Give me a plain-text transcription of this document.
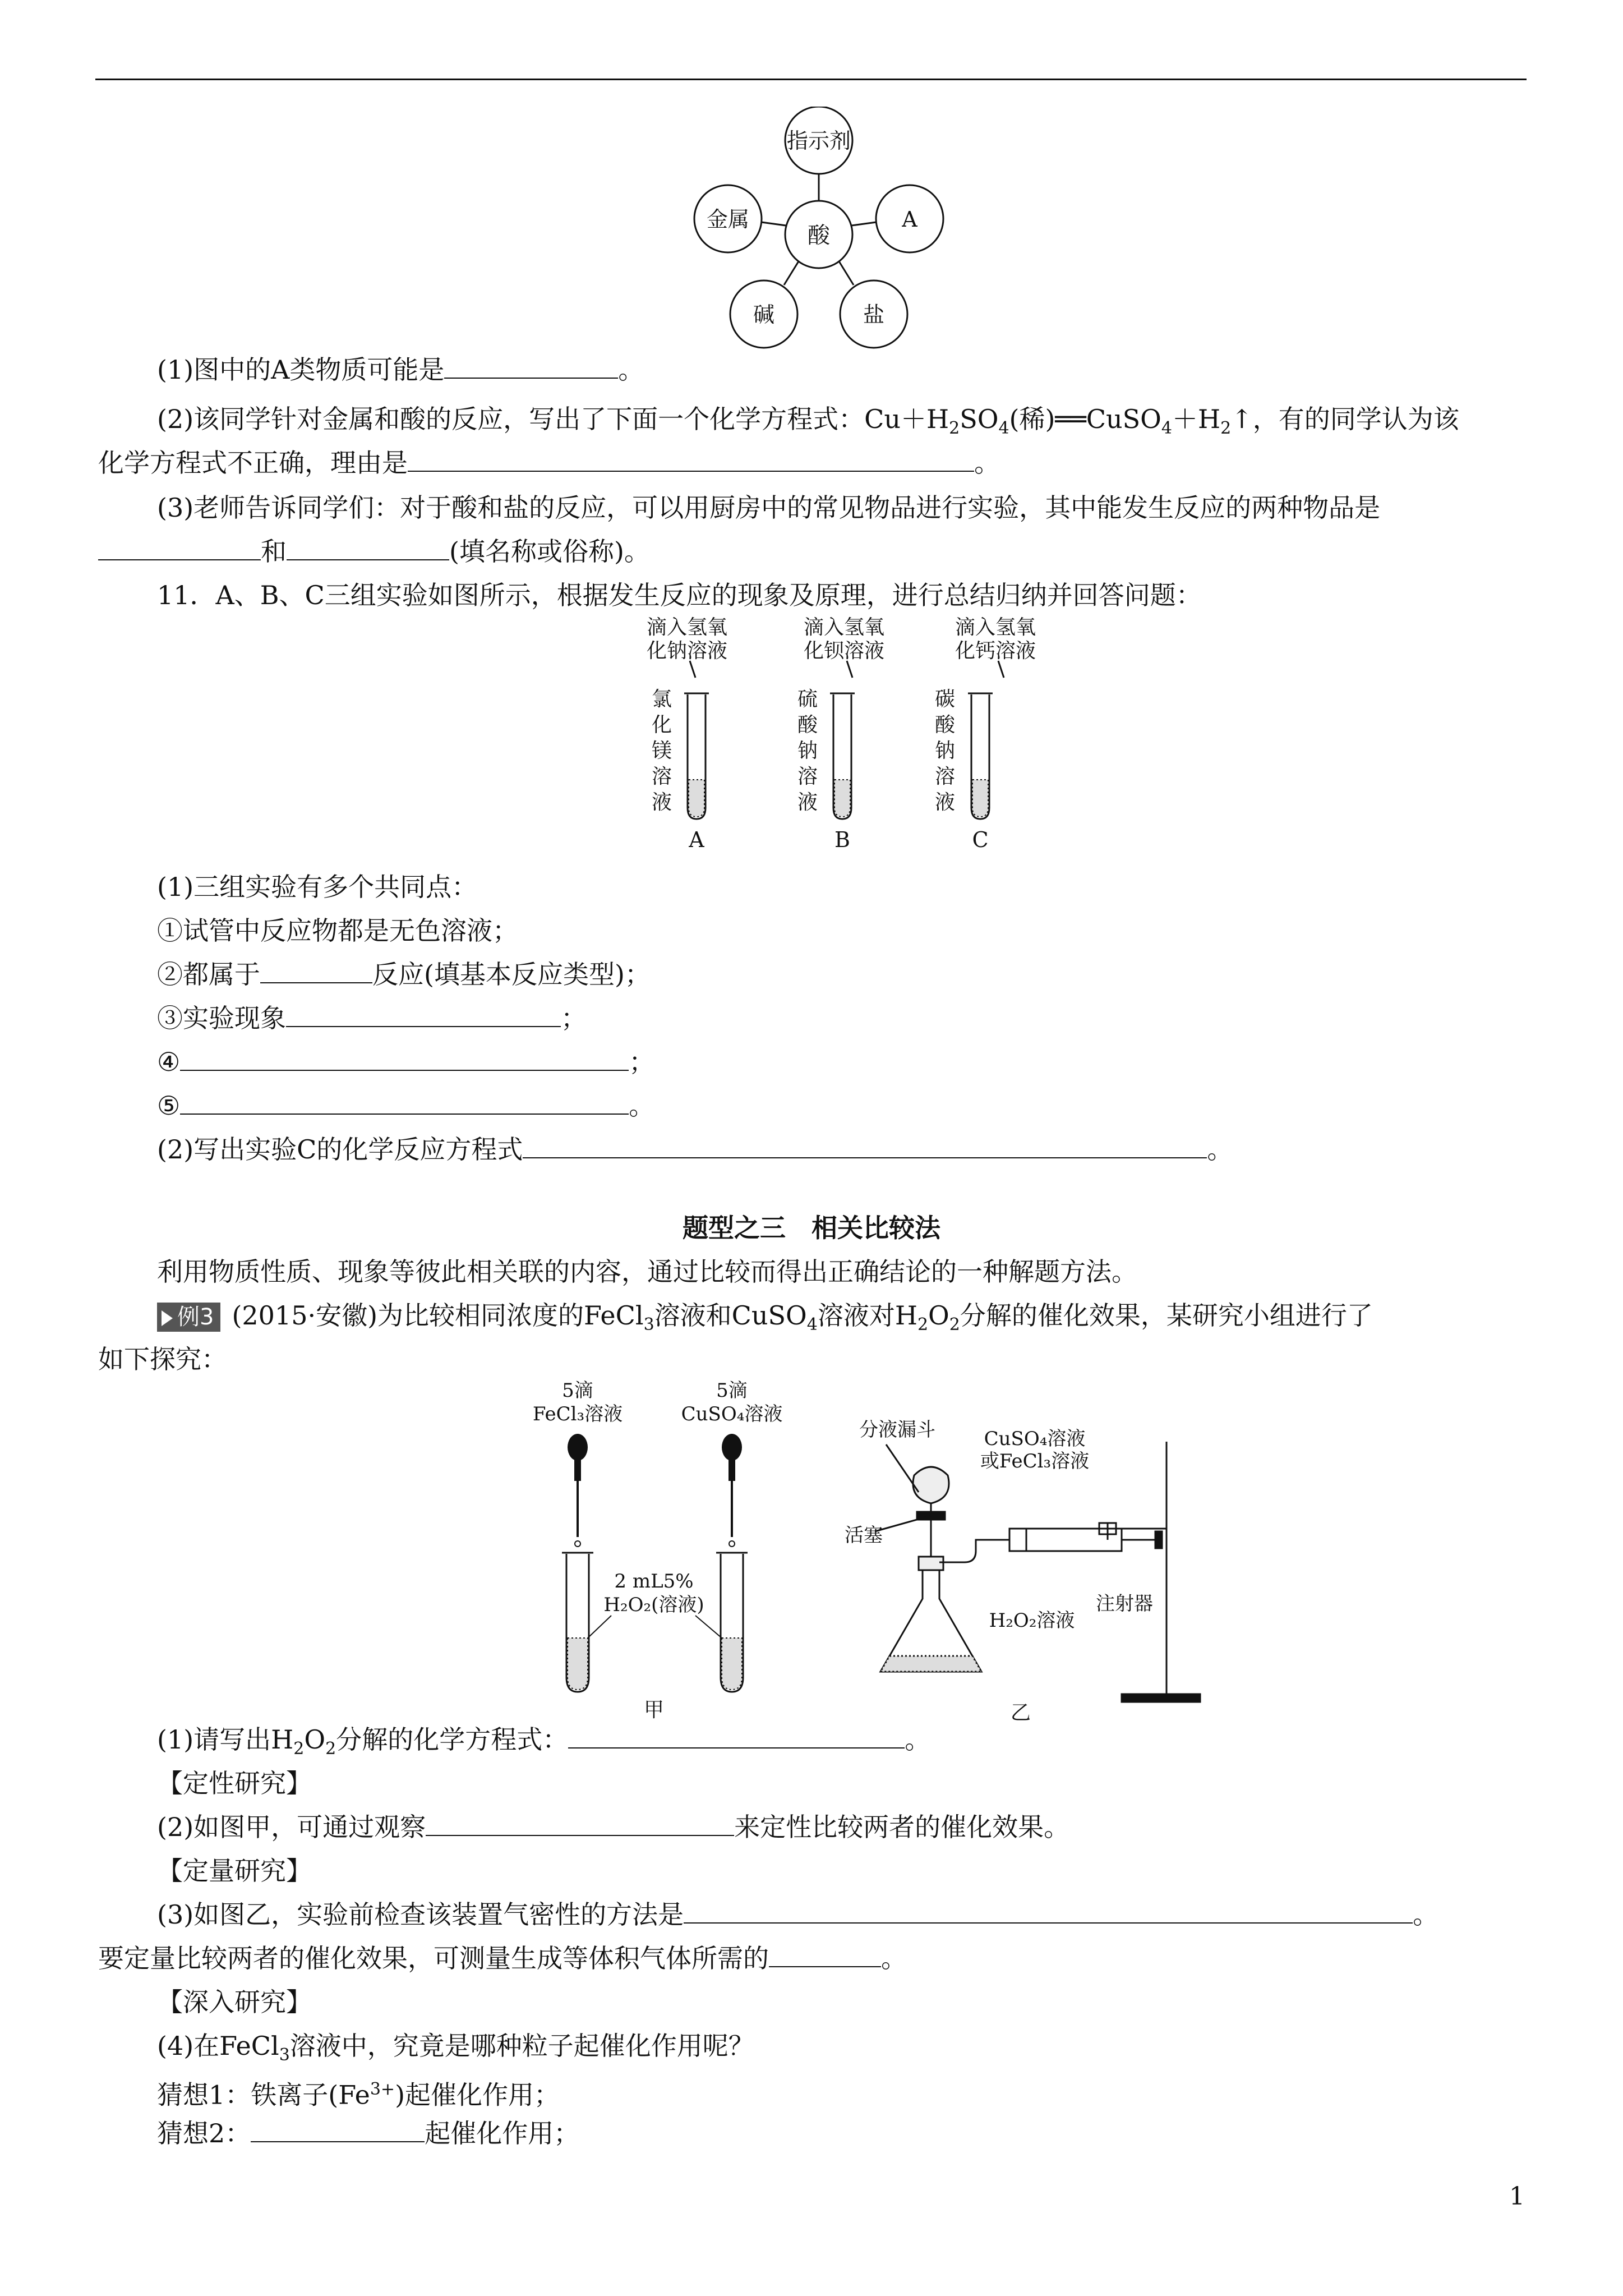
指示剂
酸
金属	A
碱	盐
(1)图中的A类物质可能是	。
(2)该同学针对金属和酸的反应，写出了下面一个化学方程式：$Cu+H_2SO_4$(稀)$══CuSO_4+H_2↑$，有的同学认为该
化学方程式不正确，理由是	。
(3)老师告诉同学们：对于酸和盐的反应，可以用厨房中的常见物品进行实验，其中能发生反应的两种物品是
和	(填名称或俗称)。
11．A、B、C三组实验如图所示，根据发生反应的现象及原理，进行总结归纳并回答问题：
滴入氢氧
化钠溶液
氯
化
镁
溶
液
A
滴入氢氧
化钡溶液
硫
酸
钠
溶
液
B
滴入氢氧
化钙溶液
碳
酸
钠
溶
液
C
(1)三组实验有多个共同点：
①试管中反应物都是无色溶液；
②都属于	反应(填基本反应类型)；
③实验现象	；
④	；
⑤	。
(2)写出实验C的化学反应方程式	。
题型之三　相关比较法
利用物质性质、现象等彼此相关联的内容，通过比较而得出正确结论的一种解题方法。
例3 (2015·安徽)为比较相同浓度的FeCl$_3$溶液和CuSO$_4$溶液对$H_2O_2$分解的催化效果，某研究小组进行了
如下探究：
5滴
FeCl₃溶液
5滴
CuSO₄溶液
2 mL5%
H₂O₂(溶液)
甲
分液漏斗	CuSO₄溶液
或FeCl₃溶液
活塞
H₂O₂溶液
注射器
乙
(1)请写出$H_2O_2$分解的化学方程式：	。
【定性研究】
(2)如图甲，可通过观察	来定性比较两者的催化效果。
【定量研究】
(3)如图乙，实验前检查该装置气密性的方法是	。
要定量比较两者的催化效果，可测量生成等体积气体所需的	。
【深入研究】
(4)在FeCl$_3$溶液中，究竟是哪种粒子起催化作用呢？
猜想1：铁离子$(Fe^{3+})$起催化作用；
猜想2：	起催化作用；
1
